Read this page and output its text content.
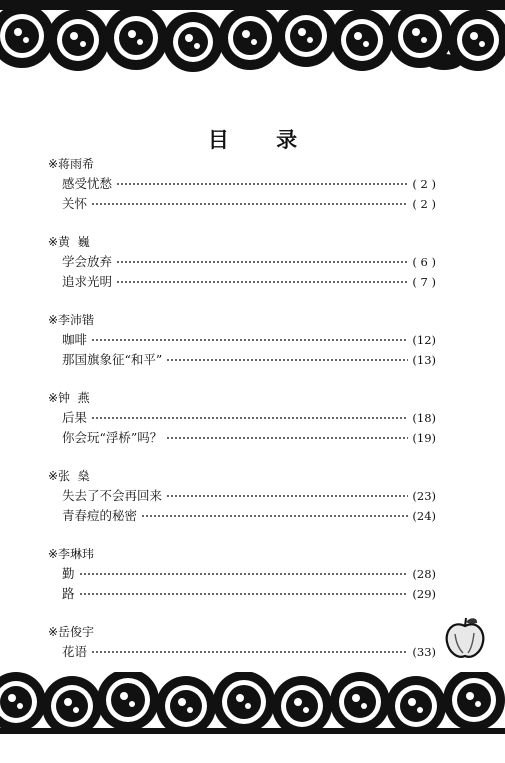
目 录
※蒋雨希
感受忧愁	( 2 )
关怀	( 2 )
※黄  巍
学会放弃	( 6 )
追求光明	( 7 )
※李沛锴
咖啡	(12)
那国旗象征“和平”	(13)
※钟  燕
后果	(18)
你会玩“浮桥”吗？	(19)
※张  燊
失去了不会再回来	(23)
青春痘的秘密	(24)
※李琳玮
勤	(28)
路	(29)
※岳俊宇
花语	(33)
